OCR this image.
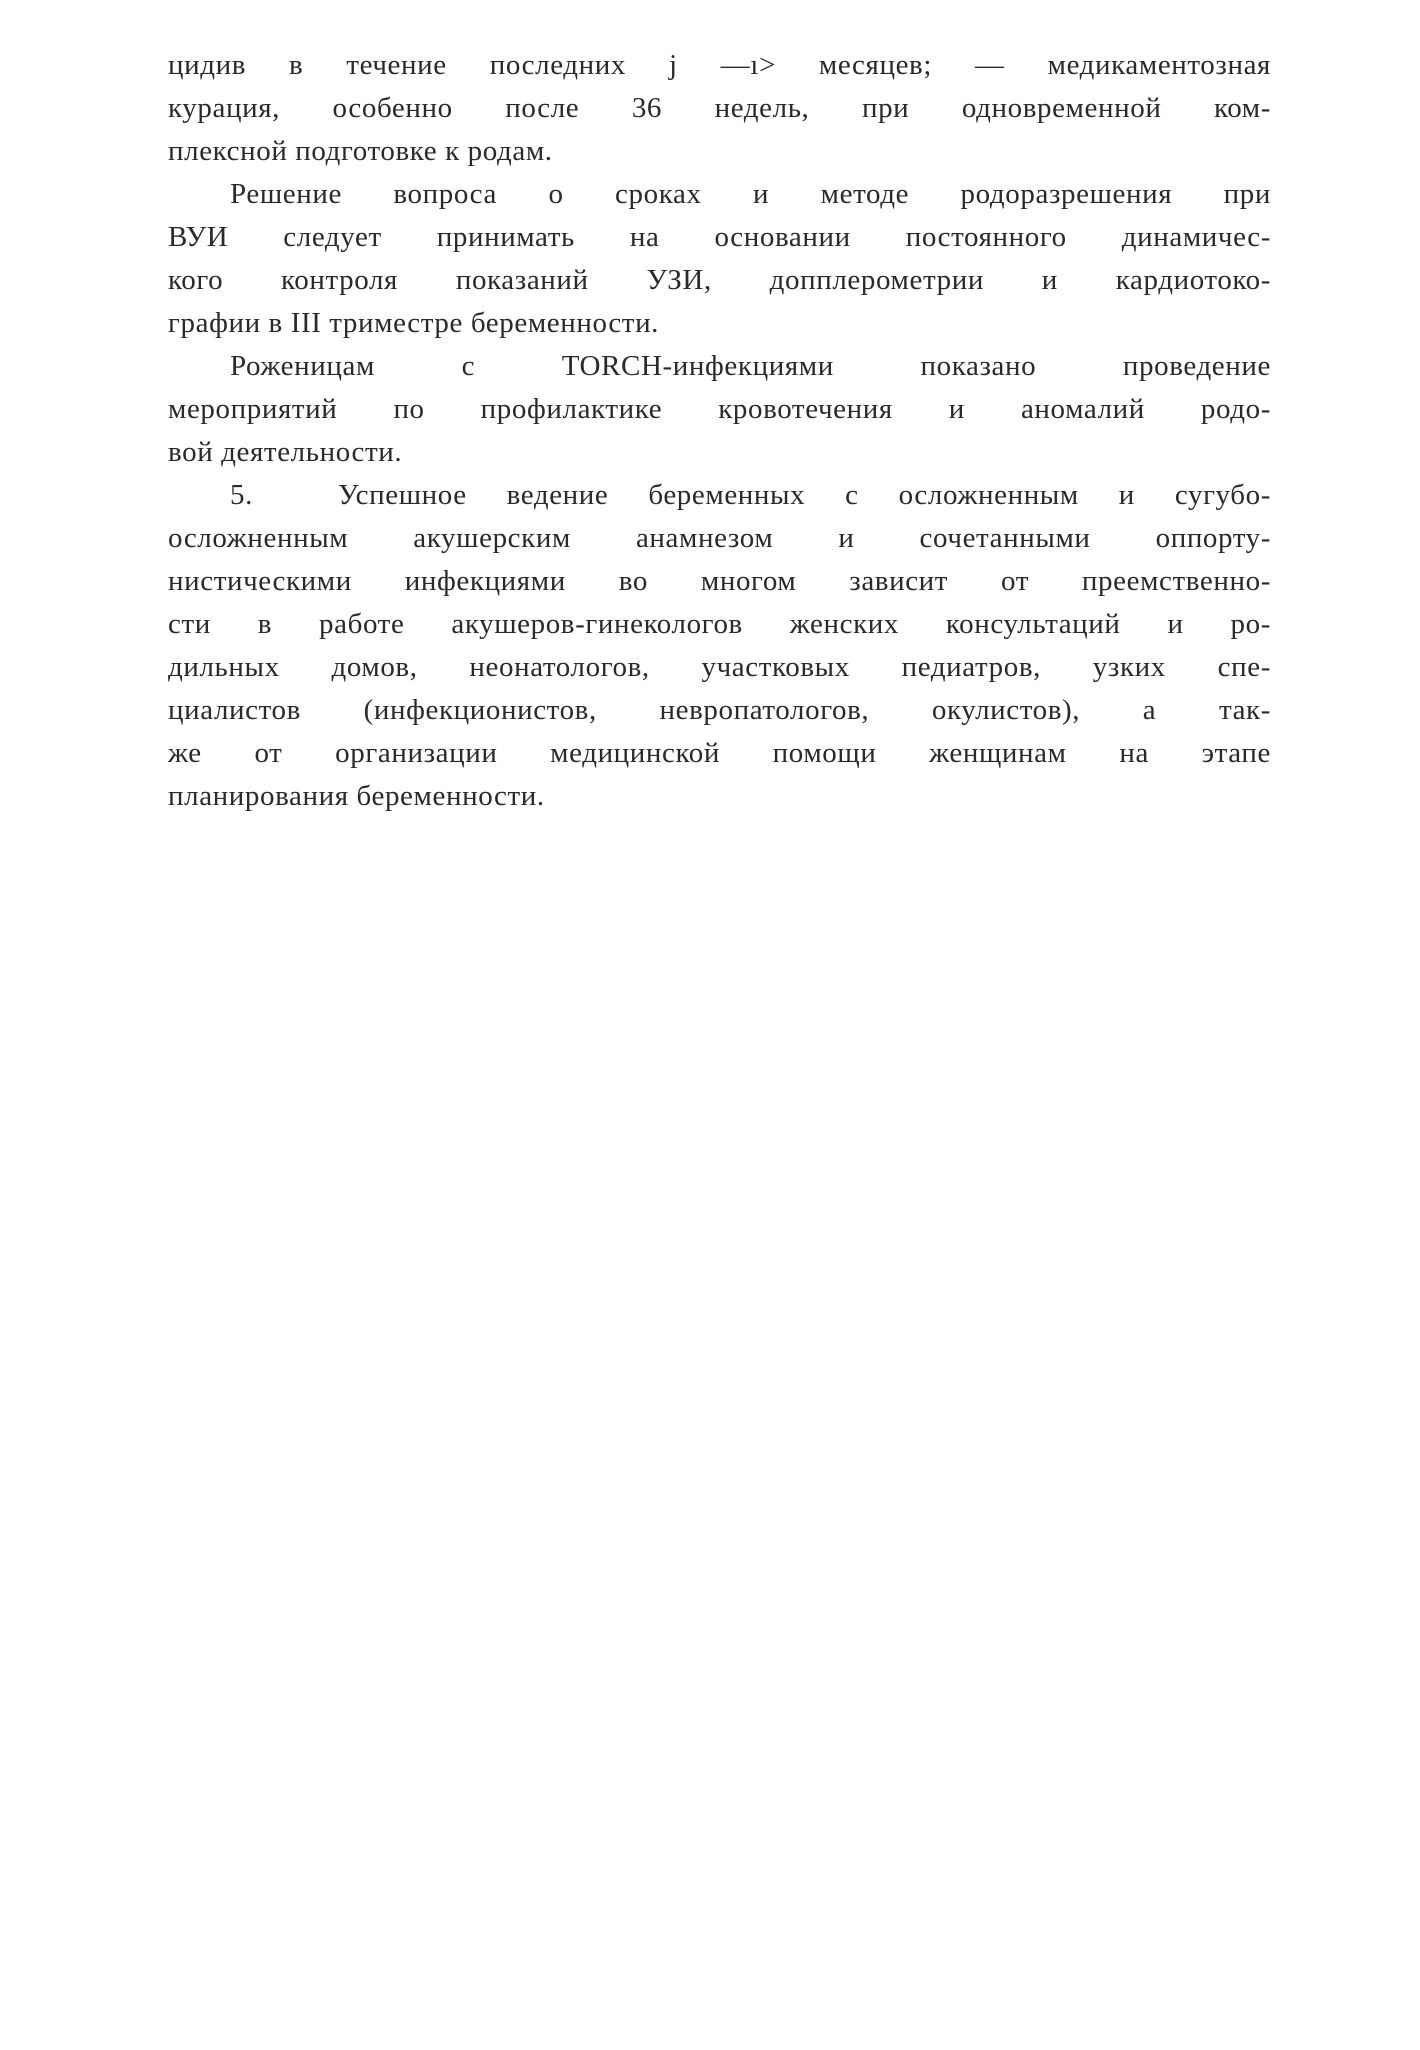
цидив в течение последних j —ı> месяцев; — медикаментозная
курация, особенно после 36 недель, при одновременной ком-
плексной подготовке к родам.
Решение вопроса о сроках и методе родоразрешения при
ВУИ следует принимать на основании постоянного динамичес-
кого контроля показаний УЗИ, допплерометрии и кардиотоко-
графии в III триместре беременности.
Роженицам с TORCH-инфекциями показано проведение
мероприятий по профилактике кровотечения и аномалий родо-
вой деятельности.
5.	Успешное ведение беременных с осложненным и сугубо-
осложненным акушерским анамнезом и сочетанными оппорту-
нистическими инфекциями во многом зависит от преемственно-
сти в работе акушеров-гинекологов женских консультаций и ро-
дильных домов, неонатологов, участковых педиатров, узких спе-
циалистов (инфекционистов, невропатологов, окулистов), а так-
же от организации медицинской помощи женщинам на этапе
планирования беременности.
